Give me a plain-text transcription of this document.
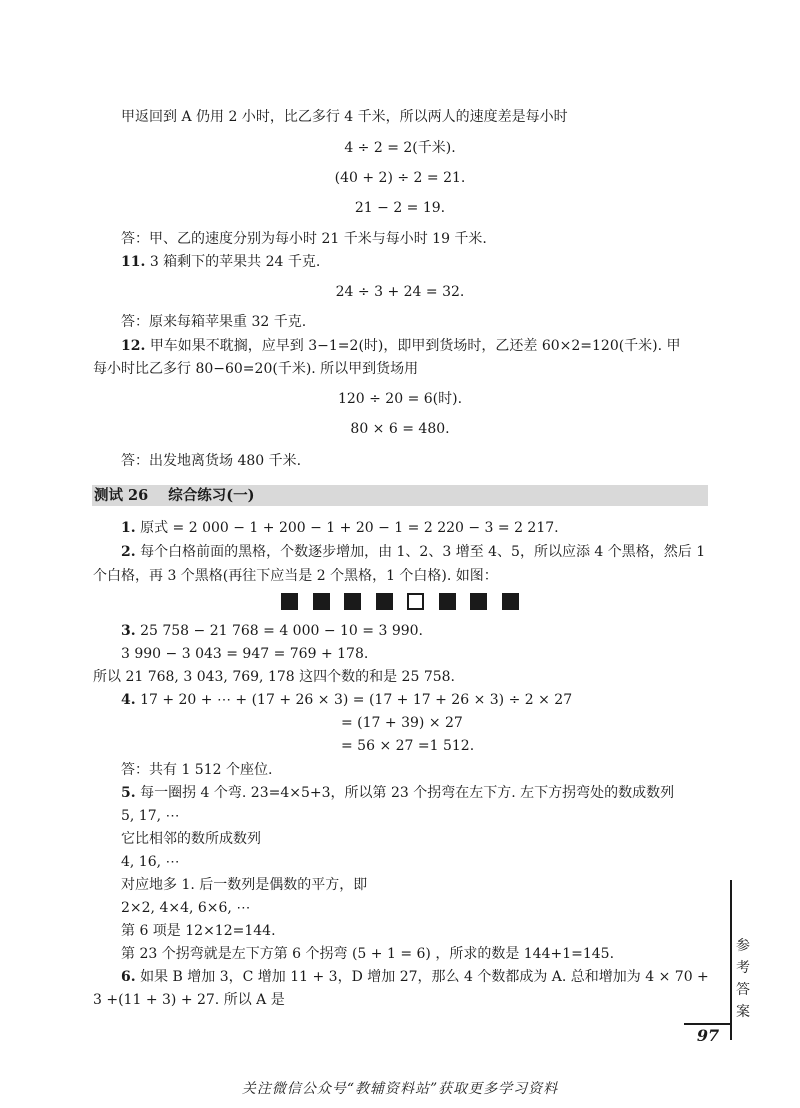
甲返回到 A 仍用 2 小时，比乙多行 4 千米，所以两人的速度差是每小时
4 ÷ 2 = 2(千米).
(40 + 2) ÷ 2 = 21.
21 − 2 = 19.
答：甲、乙的速度分别为每小时 21 千米与每小时 19 千米.
11. 3 箱剩下的苹果共 24 千克.
24 ÷ 3 + 24 = 32.
答：原来每箱苹果重 32 千克.
12. 甲车如果不耽搁，应早到 3−1=2(时)，即甲到货场时，乙还差 60×2=120(千米). 甲
每小时比乙多行 80−60=20(千米). 所以甲到货场用
120 ÷ 20 = 6(时).
80 × 6 = 480.
答：出发地离货场 480 千米.
测试 26 综合练习(一)
1. 原式 = 2 000 − 1 + 200 − 1 + 20 − 1 = 2 220 − 3 = 2 217.
2. 每个白格前面的黑格，个数逐步增加，由 1、2、3 增至 4、5，所以应添 4 个黑格，然后 1
个白格，再 3 个黑格(再往下应当是 2 个黑格，1 个白格). 如图：
3. 25 758 − 21 768 = 4 000 − 10 = 3 990.
3 990 − 3 043 = 947 = 769 + 178.
所以 21 768, 3 043, 769, 178 这四个数的和是 25 758.
4. 17 + 20 + ⋯ + (17 + 26 × 3) = (17 + 17 + 26 × 3) ÷ 2 × 27
= (17 + 39) × 27
= 56 × 27 =1 512.
答：共有 1 512 个座位.
5. 每一圈拐 4 个弯. 23=4×5+3，所以第 23 个拐弯在左下方. 左下方拐弯处的数成数列
5, 17, ⋯
它比相邻的数所成数列
4, 16, ⋯
对应地多 1. 后一数列是偶数的平方，即
2×2, 4×4, 6×6, ⋯
第 6 项是 12×12=144.
第 23 个拐弯就是左下方第 6 个拐弯 (5 + 1 = 6) ，所求的数是 144+1=145.
6. 如果 B 增加 3，C 增加 11 + 3，D 增加 27，那么 4 个数都成为 A. 总和增加为 4 × 70 +
3 +(11 + 3) + 27. 所以 A 是
参
考
答
案
97
关注微信公众号“教辅资料站”获取更多学习资料
